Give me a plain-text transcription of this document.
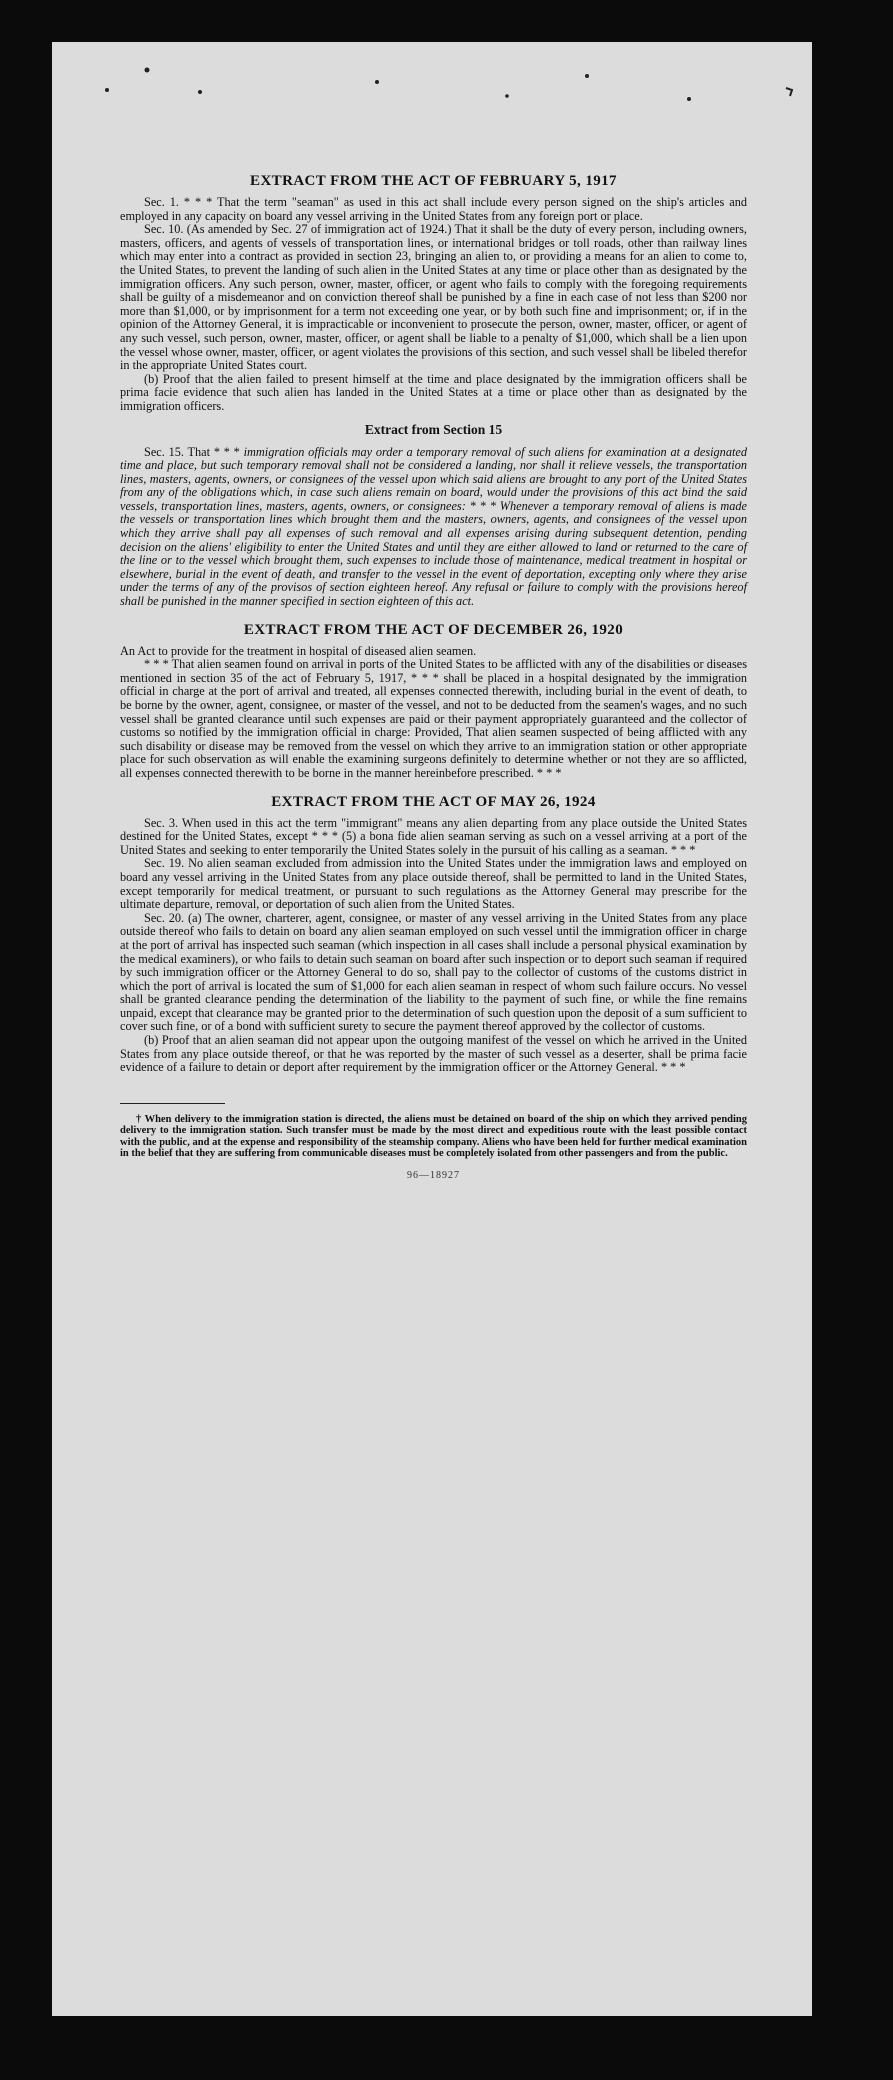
EXTRACT FROM THE ACT OF FEBRUARY 5, 1917

Sec. 1. * * * That the term "seaman" as used in this act shall include every person signed on the ship's articles and employed in any capacity on board any vessel arriving in the United States from any foreign port or place.

Sec. 10. (As amended by Sec. 27 of immigration act of 1924.) That it shall be the duty of every person, including owners, masters, officers, and agents of vessels of transportation lines, or international bridges or toll roads, other than railway lines which may enter into a contract as provided in section 23, bringing an alien to, or providing a means for an alien to come to, the United States, to prevent the landing of such alien in the United States at any time or place other than as designated by the immigration officers. Any such person, owner, master, officer, or agent who fails to comply with the foregoing requirements shall be guilty of a misdemeanor and on conviction thereof shall be punished by a fine in each case of not less than $200 nor more than $1,000, or by imprisonment for a term not exceeding one year, or by both such fine and imprisonment; or, if in the opinion of the Attorney General, it is impracticable or inconvenient to prosecute the person, owner, master, officer, or agent of any such vessel, such person, owner, master, officer, or agent shall be liable to a penalty of $1,000, which shall be a lien upon the vessel whose owner, master, officer, or agent violates the provisions of this section, and such vessel shall be libeled therefor in the appropriate United States court.

(b) Proof that the alien failed to present himself at the time and place designated by the immigration officers shall be prima facie evidence that such alien has landed in the United States at a time or place other than as designated by the immigration officers.

Extract from Section 15

Sec. 15. That * * * immigration officials may order a temporary removal of such aliens for examination at a designated time and place, but such temporary removal shall not be considered a landing, nor shall it relieve vessels, the transportation lines, masters, agents, owners, or consignees of the vessel upon which said aliens are brought to any port of the United States from any of the obligations which, in case such aliens remain on board, would under the provisions of this act bind the said vessels, transportation lines, masters, agents, owners, or consignees: * * * Whenever a temporary removal of aliens is made the vessels or transportation lines which brought them and the masters, owners, agents, and consignees of the vessel upon which they arrive shall pay all expenses of such removal and all expenses arising during subsequent detention, pending decision on the aliens' eligibility to enter the United States and until they are either allowed to land or returned to the care of the line or to the vessel which brought them, such expenses to include those of maintenance, medical treatment in hospital or elsewhere, burial in the event of death, and transfer to the vessel in the event of deportation, excepting only where they arise under the terms of any of the provisos of section eighteen hereof. Any refusal or failure to comply with the provisions hereof shall be punished in the manner specified in section eighteen of this act.

EXTRACT FROM THE ACT OF DECEMBER 26, 1920

An Act to provide for the treatment in hospital of diseased alien seamen.

* * * That alien seamen found on arrival in ports of the United States to be afflicted with any of the disabilities or diseases mentioned in section 35 of the act of February 5, 1917, * * * shall be placed in a hospital designated by the immigration official in charge at the port of arrival and treated, all expenses connected therewith, including burial in the event of death, to be borne by the owner, agent, consignee, or master of the vessel, and not to be deducted from the seamen's wages, and no such vessel shall be granted clearance until such expenses are paid or their payment appropriately guaranteed and the collector of customs so notified by the immigration official in charge: Provided, That alien seamen suspected of being afflicted with any such disability or disease may be removed from the vessel on which they arrive to an immigration station or other appropriate place for such observation as will enable the examining surgeons definitely to determine whether or not they are so afflicted, all expenses connected therewith to be borne in the manner hereinbefore prescribed. * * *

EXTRACT FROM THE ACT OF MAY 26, 1924

Sec. 3. When used in this act the term "immigrant" means any alien departing from any place outside the United States destined for the United States, except * * * (5) a bona fide alien seaman serving as such on a vessel arriving at a port of the United States and seeking to enter temporarily the United States solely in the pursuit of his calling as a seaman. * * *

Sec. 19. No alien seaman excluded from admission into the United States under the immigration laws and employed on board any vessel arriving in the United States from any place outside thereof, shall be permitted to land in the United States, except temporarily for medical treatment, or pursuant to such regulations as the Attorney General may prescribe for the ultimate departure, removal, or deportation of such alien from the United States.

Sec. 20. (a) The owner, charterer, agent, consignee, or master of any vessel arriving in the United States from any place outside thereof who fails to detain on board any alien seaman employed on such vessel until the immigration officer in charge at the port of arrival has inspected such seaman (which inspection in all cases shall include a personal physical examination by the medical examiners), or who fails to detain such seaman on board after such inspection or to deport such seaman if required by such immigration officer or the Attorney General to do so, shall pay to the collector of customs of the customs district in which the port of arrival is located the sum of $1,000 for each alien seaman in respect of whom such failure occurs. No vessel shall be granted clearance pending the determination of the liability to the payment of such fine, or while the fine remains unpaid, except that clearance may be granted prior to the determination of such question upon the deposit of a sum sufficient to cover such fine, or of a bond with sufficient surety to secure the payment thereof approved by the collector of customs.

(b) Proof that an alien seaman did not appear upon the outgoing manifest of the vessel on which he arrived in the United States from any place outside thereof, or that he was reported by the master of such vessel as a deserter, shall be prima facie evidence of a failure to detain or deport after requirement by the immigration officer or the Attorney General. * * *

† When delivery to the immigration station is directed, the aliens must be detained on board of the ship on which they arrived pending delivery to the immigration station. Such transfer must be made by the most direct and expeditious route with the least possible contact with the public, and at the expense and responsibility of the steamship company. Aliens who have been held for further medical examination in the belief that they are suffering from communicable diseases must be completely isolated from other passengers and from the public.

96—18927
